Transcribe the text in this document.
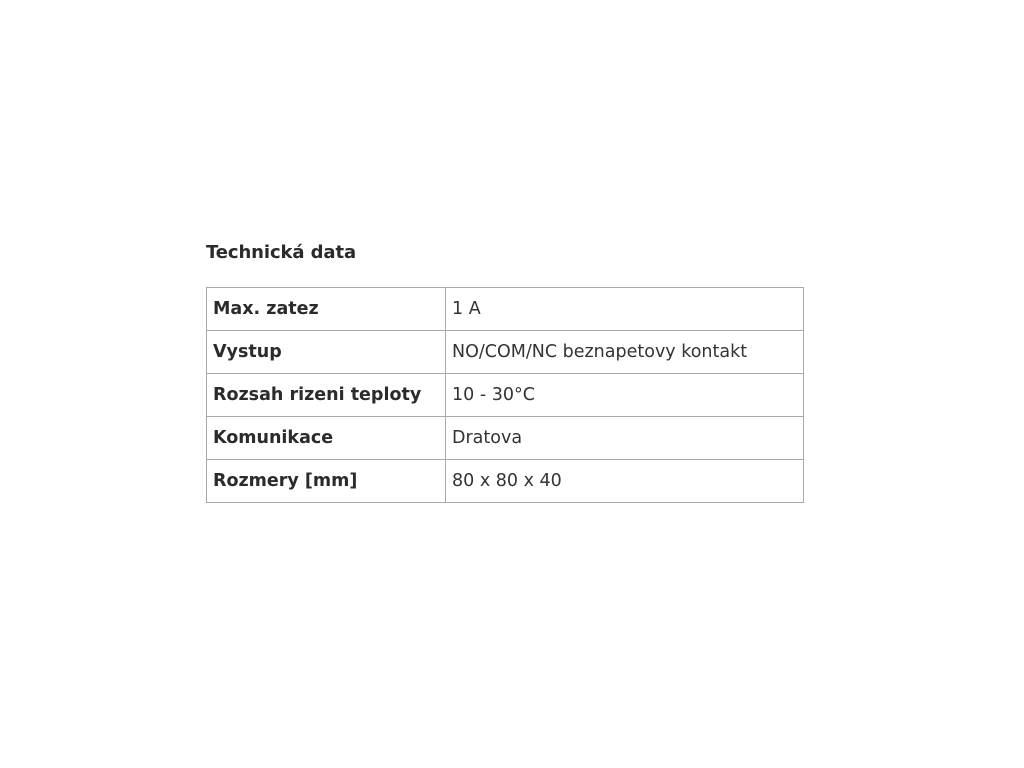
Technická data
Max. zatez	1 A
Vystup	NO/COM/NC beznapetovy kontakt
Rozsah rizeni teploty	10 - 30°C
Komunikace	Dratova
Rozmery [mm]	80 x 80 x 40
